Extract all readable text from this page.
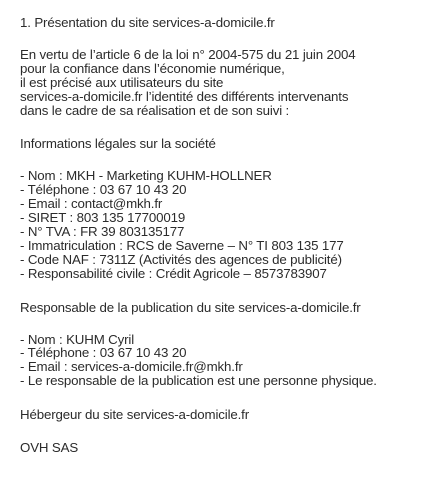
1. Présentation du site services-a-domicile.fr
En vertu de l’article 6 de la loi n° 2004-575 du 21 juin 2004
pour la confiance dans l’économie numérique,
il est précisé aux utilisateurs du site
services-a-domicile.fr l’identité des différents intervenants
dans le cadre de sa réalisation et de son suivi :
Informations légales sur la société
- Nom : MKH - Marketing KUHM-HOLLNER
- Téléphone : 03 67 10 43 20
- Email : contact@mkh.fr
- SIRET : 803 135 17700019
- N° TVA : FR 39 803135177
- Immatriculation : RCS de Saverne – N° TI 803 135 177
- Code NAF : 7311Z (Activités des agences de publicité)
- Responsabilité civile : Crédit Agricole – 8573783907
Responsable de la publication du site services-a-domicile.fr
- Nom : KUHM Cyril
- Téléphone : 03 67 10 43 20
- Email : services-a-domicile.fr@mkh.fr
- Le responsable de la publication est une personne physique.
Hébergeur du site services-a-domicile.fr
OVH SAS
